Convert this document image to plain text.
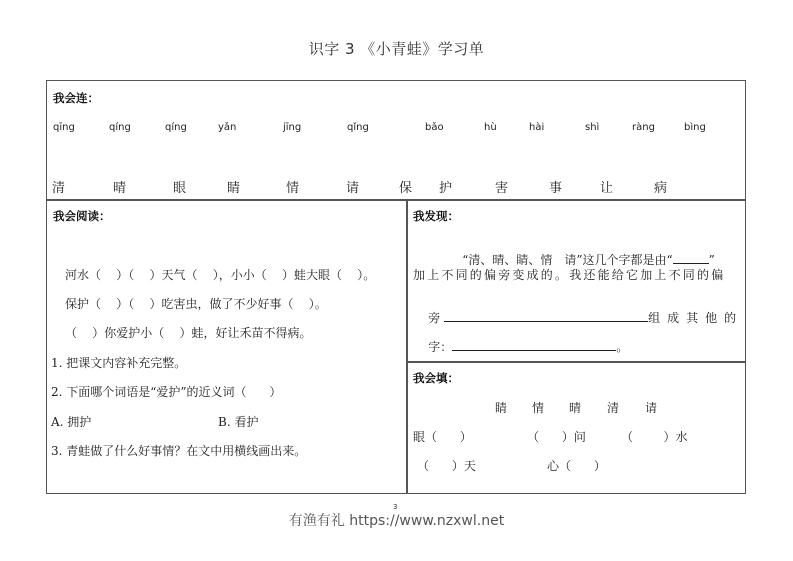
识字 3 《小青蛙》学习单
我会连：
qīng	qíng	qíng	yǎn	jīng	qǐng	bǎo	hù	hài	shì	ràng	bìng
清	晴	眼	睛	情	请	保 护	害	事	让	病
我会阅读：
河水（    ）（    ）天气（    ），小小（    ）蛙大眼（    ）。
保护（    ）（    ）吃害虫，做了不少好事（    ）。
（    ）你爱护小（    ）蛙，好让禾苗不得病。
1. 把课文内容补充完整。
2. 下面哪个词语是“爱护”的近义词（      ）
A. 拥护	B. 看护
3. 青蛙做了什么好事情？在文中用横线画出来。
我发现：

“清、晴、睛、情　请”这几个字都是由“	”

加上不同的偏旁变成的。我还能给它加上不同的偏

旁	组成其他的

字：	。

我会填：
睛 情 晴 清 请
眼（      ）	（      ）问	（        ）水
（      ）天	心（      ）
3
有渔有礼 https://www.nzxwl.net
